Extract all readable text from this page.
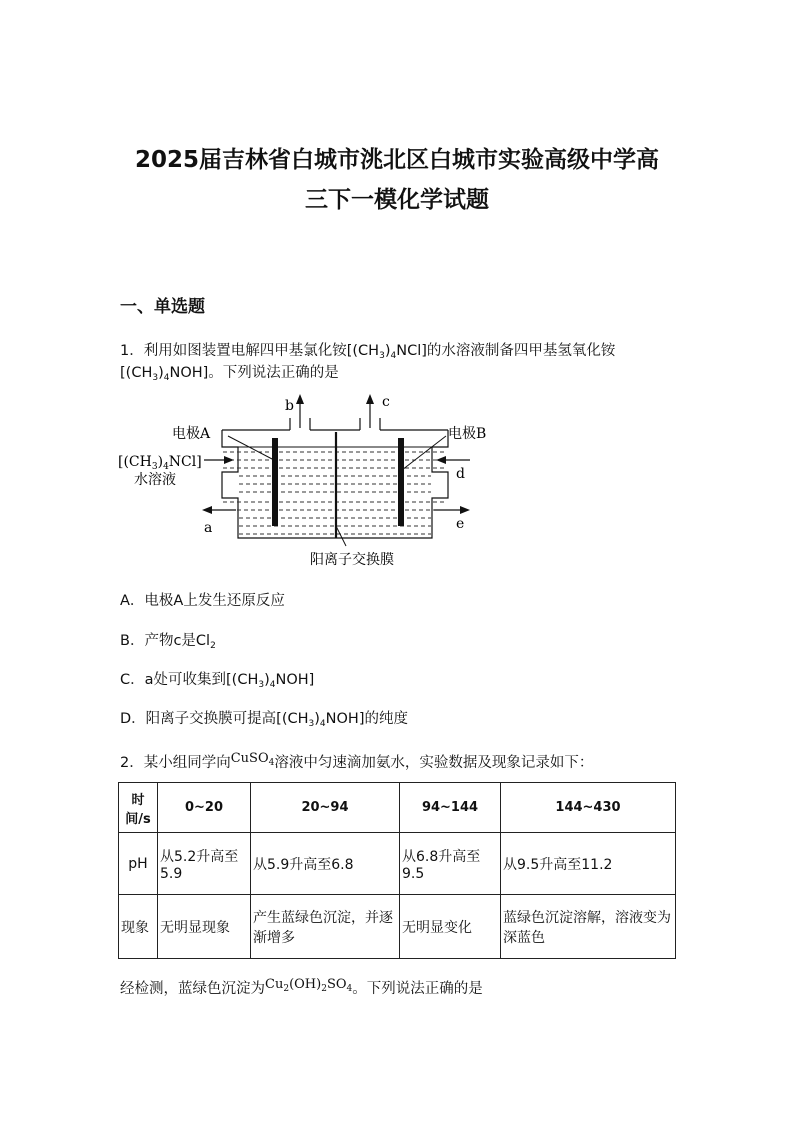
2025届吉林省白城市洮北区白城市实验高级中学高
三下一模化学试题
一、单选题
1．利用如图装置电解四甲基氯化铵$[(CH_3)_4NCl]$的水溶液制备四甲基氢氧化铵
$[(CH_3)_4NOH]$。下列说法正确的是
b	c
电极A	电极B
$[(CH_3)_4NCl]$
水溶液	d
a	e
阳离子交换膜
A．电极A上发生还原反应
B．产物c是$Cl_2$
C．a处可收集到$[(CH_3)_4NOH]$
D．阳离子交换膜可提高$[(CH_3)_4NOH]$的纯度
2．某小组同学向CuSO$_4$溶液中匀速滴加氨水，实验数据及现象记录如下：
时间/s	0~20	20~94	94~144	144~430
pH	从5.2升高至5.9	从5.9升高至6.8	从6.8升高至9.5	从9.5升高至11.2
现象	无明显现象	产生蓝绿色沉淀，并逐渐增多	无明显变化	蓝绿色沉淀溶解，溶液变为深蓝色
经检测，蓝绿色沉淀为$Cu_2(OH)_2SO_4$。下列说法正确的是
